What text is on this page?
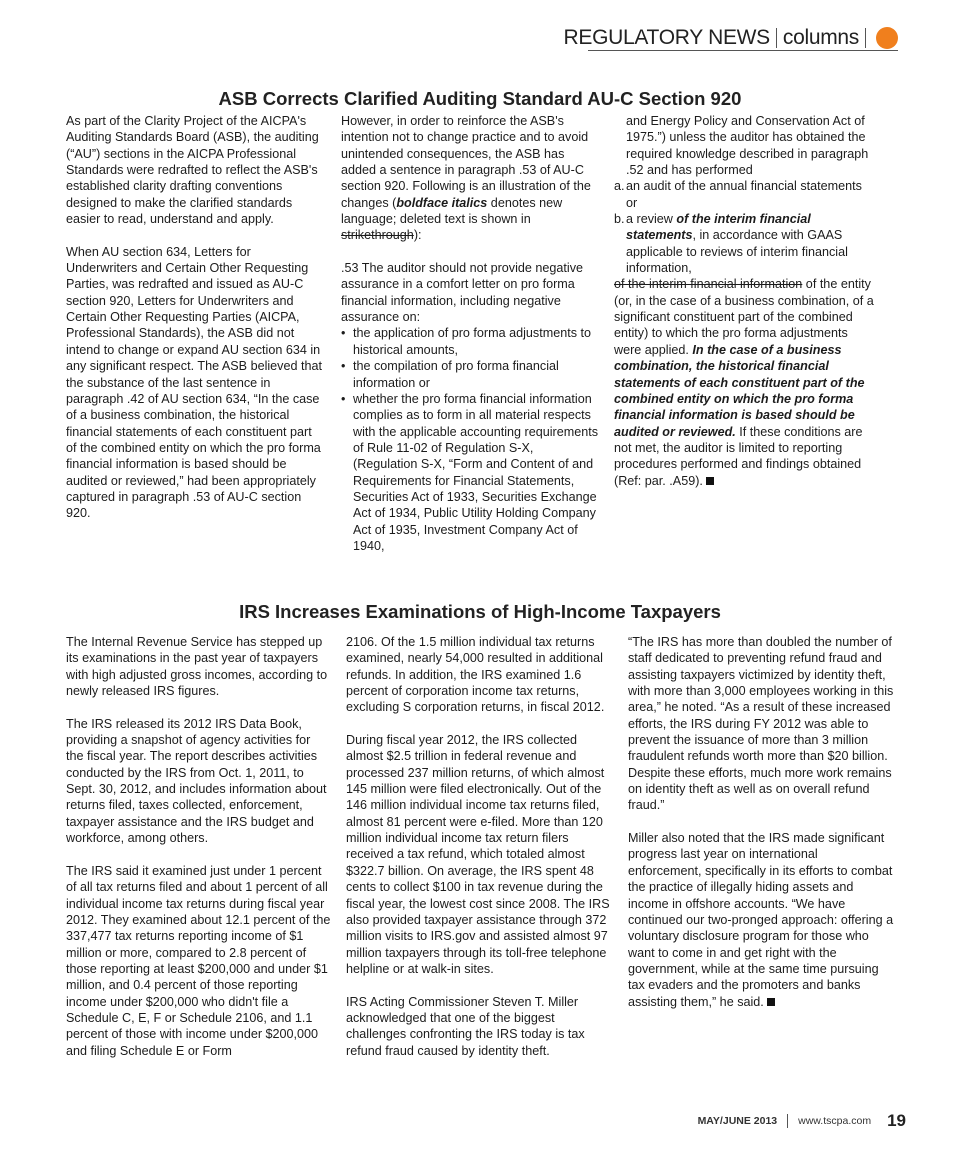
REGULATORY NEWS columns
ASB Corrects Clarified Auditing Standard AU-C Section 920

As part of the Clarity Project of the AICPA's Auditing Standards Board (ASB), the auditing (“AU”) sections in the AICPA Professional Standards were redrafted to reflect the ASB's established clarity drafting conventions designed to make the clarified standards easier to read, understand and apply.

When AU section 634, Letters for Underwriters and Certain Other Requesting Parties, was redrafted and issued as AU-C section 920, Letters for Underwriters and Certain Other Requesting Parties (AICPA, Professional Standards), the ASB did not intend to change or expand AU section 634 in any significant respect. The ASB believed that the substance of the last sentence in paragraph .42 of AU section 634, “In the case of a business combination, the historical financial statements of each constituent part of the combined entity on which the pro forma financial information is based should be audited or reviewed,” had been appropriately captured in paragraph .53 of AU-C section 920.

However, in order to reinforce the ASB's intention not to change practice and to avoid unintended consequences, the ASB has added a sentence in paragraph .53 of AU-C section 920. Following is an illustration of the changes (boldface italics denotes new language; deleted text is shown in strikethrough):

.53 The auditor should not provide negative assurance in a comfort letter on pro forma financial information, including negative assurance on:

• the application of pro forma adjustments to historical amounts,
• the compilation of pro forma financial information or
• whether the pro forma financial information complies as to form in all material respects with the applicable accounting requirements of Rule 11-02 of Regulation S-X, (Regulation S-X, “Form and Content of and Requirements for Financial Statements, Securities Act of 1933, Securities Exchange Act of 1934, Public Utility Holding Company Act of 1935, Investment Company Act of 1940,
and Energy Policy and Conservation Act of 1975.”) unless the auditor has obtained the required knowledge described in paragraph .52 and has performed
a. an audit of the annual financial statements or
b. a review of the interim financial statements, in accordance with GAAS applicable to reviews of interim financial information,
of the interim financial information of the entity (or, in the case of a business combination, of a significant constituent part of the combined entity) to which the pro forma adjustments were applied. In the case of a business combination, the historical financial statements of each constituent part of the combined entity on which the pro forma financial information is based should be audited or reviewed. If these conditions are not met, the auditor is limited to reporting procedures performed and findings obtained (Ref: par. .A59).
IRS Increases Examinations of High-Income Taxpayers

The Internal Revenue Service has stepped up its examinations in the past year of taxpayers with high adjusted gross incomes, according to newly released IRS figures.

The IRS released its 2012 IRS Data Book, providing a snapshot of agency activities for the fiscal year. The report describes activities conducted by the IRS from Oct. 1, 2011, to Sept. 30, 2012, and includes information about returns filed, taxes collected, enforcement, taxpayer assistance and the IRS budget and workforce, among others.

The IRS said it examined just under 1 percent of all tax returns filed and about 1 percent of all individual income tax returns during fiscal year 2012. They examined about 12.1 percent of the 337,477 tax returns reporting income of $1 million or more, compared to 2.8 percent of those reporting at least $200,000 and under $1 million, and 0.4 percent of those reporting income under $200,000 who didn't file a Schedule C, E, F or Schedule 2106, and 1.1 percent of those with income under $200,000 and filing Schedule E or Form

2106. Of the 1.5 million individual tax returns examined, nearly 54,000 resulted in additional refunds. In addition, the IRS examined 1.6 percent of corporation income tax returns, excluding S corporation returns, in fiscal 2012.

During fiscal year 2012, the IRS collected almost $2.5 trillion in federal revenue and processed 237 million returns, of which almost 145 million were filed electronically. Out of the 146 million individual income tax returns filed, almost 81 percent were e-filed. More than 120 million individual income tax return filers received a tax refund, which totaled almost $322.7 billion. On average, the IRS spent 48 cents to collect $100 in tax revenue during the fiscal year, the lowest cost since 2008. The IRS also provided taxpayer assistance through 372 million visits to IRS.gov and assisted almost 97 million taxpayers through its toll-free telephone helpline or at walk-in sites.

IRS Acting Commissioner Steven T. Miller acknowledged that one of the biggest challenges confronting the IRS today is tax refund fraud caused by identity theft.

“The IRS has more than doubled the number of staff dedicated to preventing refund fraud and assisting taxpayers victimized by identity theft, with more than 3,000 employees working in this area,” he noted. “As a result of these increased efforts, the IRS during FY 2012 was able to prevent the issuance of more than 3 million fraudulent refunds worth more than $20 billion. Despite these efforts, much more work remains on identity theft as well as on overall refund fraud.”

Miller also noted that the IRS made significant progress last year on international enforcement, specifically in its efforts to combat the practice of illegally hiding assets and income in offshore accounts. “We have continued our two-pronged approach: offering a voluntary disclosure program for those who want to come in and get right with the government, while at the same time pursuing tax evaders and the promoters and banks assisting them,” he said.

MAY/JUNE 2013 www.tscpa.com 19
